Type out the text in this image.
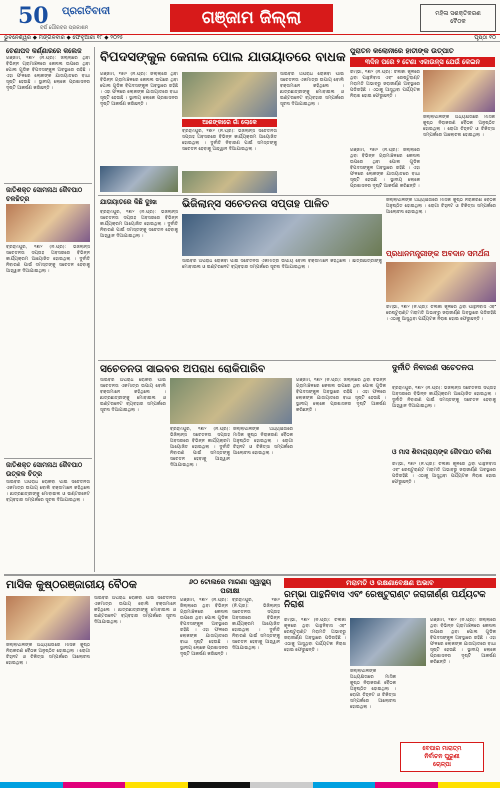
50	ପ୍ରଗତିବାଦୀ
ବର୍ଷ ଗୌରବର ପ୍ରକାଶନ	ଗଞ୍ଜାମ ଜିଲ୍ଲା	ମହିଳା ସଶକ୍ତିକରଣ
ବୈଠକ
ଭୁବନେଶ୍ୱର ◆ ମଙ୍ଗଳବାର ◆ ଫେବୃଆରୀ ୧୮ ◆ ୨୦୨୫	ପୃଷ୍ଠା ୧୦
ଚେଣାପଦ କର୍ଣ୍ଣାରରେ କଲେଜ
ଗଞ୍ଜାମ, ୧୭ା୨ (ନି.ପ୍ର): ଜିଲ୍ଲାରେ ଥିବା ବିଭିନ୍ନ ଗ୍ରାମାଞ୍ଚଳରେ କେନାଲ ଉପରେ ଥିବା ପୋଲ ଗୁଡିକ ବିପଦସଙ୍କୁଳ ଅବସ୍ଥାରେ ରହିଛି । ଏହା ଫଳରେ ଲୋକଙ୍କ ଯାତାୟାତରେ ବାଧା ସୃଷ୍ଟି ହେଉଛି । ସ୍ଥାନୀୟ ଲୋକେ ପ୍ରଶାସନର ଦୃଷ୍ଟି ଆକର୍ଷଣ କରିଛନ୍ତି ।
ଜାତିଶକ୍ତ ସୋମନାଥ ଜୈବପାଠ ଚଳଚ୍ଚିତ୍ର
ବ୍ରହ୍ମପୁର, ୧୭ା୨ (ନି.ପ୍ର): ଭିଜିଲାନ୍ସ ସଚେତନତା ସପ୍ତାହ ଅବସରରେ ବିଭିନ୍ନ କାର୍ଯ୍ୟକ୍ରମ ଆୟୋଜିତ ହୋଇଥିଲା । ଦୁର୍ନୀତି ନିବାରଣ ପାଇଁ ସମସ୍ତଙ୍କୁ ସଚେତନ ହେବାକୁ ଆହ୍ୱାନ ଦିଆଯାଇଥିଲା ।
ଜାତିଶକ୍ତ ସୋମନାଥ ଜୈବପାଠ ଉତ୍କଳ ଚିତ୍ର
ସାଇବର ଅପରାଧ ରୋକିବା ପାଇଁ ସଚେତନତା ଏକମାତ୍ର ଉପାୟ ବୋଲି ବକ୍ତାମାନେ କହିଥିଲେ । ଛାତ୍ରଛାତ୍ରୀଙ୍କୁ ମୋବାଇଲ ଓ ଇଣ୍ଟରନେଟ ବ୍ୟବହାର ସମ୍ପର୍କରେ ସୂଚନା ଦିଆଯାଇଥିଲା ।
ବିପଦସଙ୍କୁଳ କେନାଲ ପୋଲ ଯାତାୟାତରେ ବାଧକ
ଗଞ୍ଜାମ, ୧୭ା୨ (ନି.ପ୍ର): ଜିଲ୍ଲାରେ ଥିବା ବିଭିନ୍ନ ଗ୍ରାମାଞ୍ଚଳରେ କେନାଲ ଉପରେ ଥିବା ପୋଲ ଗୁଡିକ ବିପଦସଙ୍କୁଳ ଅବସ୍ଥାରେ ରହିଛି । ଏହା ଫଳରେ ଲୋକଙ୍କ ଯାତାୟାତରେ ବାଧା ସୃଷ୍ଟି ହେଉଛି । ସ୍ଥାନୀୟ ଲୋକେ ପ୍ରଶାସନର ଦୃଷ୍ଟି ଆକର୍ଷଣ କରିଛନ୍ତି ।
ଆଶଙ୍କାରେ ଗାଁ ଲୋକେ
ବ୍ରହ୍ମପୁର, ୧୭ା୨ (ନି.ପ୍ର): ଭିଜିଲାନ୍ସ ସଚେତନତା ସପ୍ତାହ ଅବସରରେ ବିଭିନ୍ନ କାର୍ଯ୍ୟକ୍ରମ ଆୟୋଜିତ ହୋଇଥିଲା । ଦୁର୍ନୀତି ନିବାରଣ ପାଇଁ ସମସ୍ତଙ୍କୁ ସଚେତନ ହେବାକୁ ଆହ୍ୱାନ ଦିଆଯାଇଥିଲା ।
ସାଇବର ଅପରାଧ ରୋକିବା ପାଇଁ ସଚେତନତା ଏକମାତ୍ର ଉପାୟ ବୋଲି ବକ୍ତାମାନେ କହିଥିଲେ । ଛାତ୍ରଛାତ୍ରୀଙ୍କୁ ମୋବାଇଲ ଓ ଇଣ୍ଟରନେଟ ବ୍ୟବହାର ସମ୍ପର୍କରେ ସୂଚନା ଦିଆଯାଇଥିଲା ।
ପୁରାତନ କଲୋନୀରେ ହାତୀଙ୍କ ଉତ୍ପାତ
୩ଦିନ ପରେ ୨ ଟେଣା ଏକାଉନ୍ସ ଯେଉଁ କେଇନ
ରମ୍ଭା, ୧୭ା୨ (ନି.ପ୍ର): ଚିଲିକା କୂଳରେ ଥିବା ପାନ୍ଥନିବାସ ଏବଂ ରେଷ୍ଟୁରାଣ୍ଟ ମରାମତି ଅଭାବରୁ ଜରାଜୀର୍ଣ୍ଣ ଅବସ୍ଥାରେ ପଡିରହିଛି । ଏଠାକୁ ଆସୁଥିବା ପର୍ଯ୍ୟଟକ ନିରାଶ ହୋଇ ଫେରୁଛନ୍ତି ।
ଜିଲ୍ଲାପାଳଙ୍କ ଅଧ୍ୟକ୍ଷତାରେ ମାସିକ କୁଷ୍ଠ ନିରାକରଣ ବୈଠକ ଅନୁଷ୍ଠିତ ହୋଇଥିଲା । ରୋଗୀ ଚିହ୍ନଟ ଓ ଚିକିତ୍ସା ସମ୍ପର୍କରେ ଆଲୋଚନା ହୋଇଥିଲା ।
ଗଞ୍ଜାମ, ୧୭ା୨ (ନି.ପ୍ର): ଜିଲ୍ଲାରେ ଥିବା ବିଭିନ୍ନ ଗ୍ରାମାଞ୍ଚଳରେ କେନାଲ ଉପରେ ଥିବା ପୋଲ ଗୁଡିକ ବିପଦସଙ୍କୁଳ ଅବସ୍ଥାରେ ରହିଛି । ଏହା ଫଳରେ ଲୋକଙ୍କ ଯାତାୟାତରେ ବାଧା ସୃଷ୍ଟି ହେଉଛି । ସ୍ଥାନୀୟ ଲୋକେ ପ୍ରଶାସନର ଦୃଷ୍ଟି ଆକର୍ଷଣ କରିଛନ୍ତି ।
ଯାତାୟାତରେ କିଛି ଦୁଃଖ
ବ୍ରହ୍ମପୁର, ୧୭ା୨ (ନି.ପ୍ର): ଭିଜିଲାନ୍ସ ସଚେତନତା ସପ୍ତାହ ଅବସରରେ ବିଭିନ୍ନ କାର୍ଯ୍ୟକ୍ରମ ଆୟୋଜିତ ହୋଇଥିଲା । ଦୁର୍ନୀତି ନିବାରଣ ପାଇଁ ସମସ୍ତଙ୍କୁ ସଚେତନ ହେବାକୁ ଆହ୍ୱାନ ଦିଆଯାଇଥିଲା ।
ଭିଜିଲାନ୍ସ ସଚେତନତା ସପ୍ତାହ ପାଳିତ
ସାଇବର ଅପରାଧ ରୋକିବା ପାଇଁ ସଚେତନତା ଏକମାତ୍ର ଉପାୟ ବୋଲି ବକ୍ତାମାନେ କହିଥିଲେ । ଛାତ୍ରଛାତ୍ରୀଙ୍କୁ ମୋବାଇଲ ଓ ଇଣ୍ଟରନେଟ ବ୍ୟବହାର ସମ୍ପର୍କରେ ସୂଚନା ଦିଆଯାଇଥିଲା ।
ଜିଲ୍ଲାପାଳଙ୍କ ଅଧ୍ୟକ୍ଷତାରେ ମାସିକ କୁଷ୍ଠ ନିରାକରଣ ବୈଠକ ଅନୁଷ୍ଠିତ ହୋଇଥିଲା । ରୋଗୀ ଚିହ୍ନଟ ଓ ଚିକିତ୍ସା ସମ୍ପର୍କରେ ଆଲୋଚନା ହୋଇଥିଲା ।
ପ୍ରଧାନମନ୍ତ୍ରୀଙ୍କ ଅବଦାନ ସମର୍ଥନା
ରମ୍ଭା, ୧୭ା୨ (ନି.ପ୍ର): ଚିଲିକା କୂଳରେ ଥିବା ପାନ୍ଥନିବାସ ଏବଂ ରେଷ୍ଟୁରାଣ୍ଟ ମରାମତି ଅଭାବରୁ ଜରାଜୀର୍ଣ୍ଣ ଅବସ୍ଥାରେ ପଡିରହିଛି । ଏଠାକୁ ଆସୁଥିବା ପର୍ଯ୍ୟଟକ ନିରାଶ ହୋଇ ଫେରୁଛନ୍ତି ।
ସଚେତନତା ସାଇବର ଅପରାଧ ରୋକିପାରିବ
ସାଇବର ଅପରାଧ ରୋକିବା ପାଇଁ ସଚେତନତା ଏକମାତ୍ର ଉପାୟ ବୋଲି ବକ୍ତାମାନେ କହିଥିଲେ । ଛାତ୍ରଛାତ୍ରୀଙ୍କୁ ମୋବାଇଲ ଓ ଇଣ୍ଟରନେଟ ବ୍ୟବହାର ସମ୍ପର୍କରେ ସୂଚନା ଦିଆଯାଇଥିଲା ।
ବ୍ରହ୍ମପୁର, ୧୭ା୨ (ନି.ପ୍ର): ଭିଜିଲାନ୍ସ ସଚେତନତା ସପ୍ତାହ ଅବସରରେ ବିଭିନ୍ନ କାର୍ଯ୍ୟକ୍ରମ ଆୟୋଜିତ ହୋଇଥିଲା । ଦୁର୍ନୀତି ନିବାରଣ ପାଇଁ ସମସ୍ତଙ୍କୁ ସଚେତନ ହେବାକୁ ଆହ୍ୱାନ ଦିଆଯାଇଥିଲା ।
ଜିଲ୍ଲାପାଳଙ୍କ ଅଧ୍ୟକ୍ଷତାରେ ମାସିକ କୁଷ୍ଠ ନିରାକରଣ ବୈଠକ ଅନୁଷ୍ଠିତ ହୋଇଥିଲା । ରୋଗୀ ଚିହ୍ନଟ ଓ ଚିକିତ୍ସା ସମ୍ପର୍କରେ ଆଲୋଚନା ହୋଇଥିଲା ।
ଗଞ୍ଜାମ, ୧୭ା୨ (ନି.ପ୍ର): ଜିଲ୍ଲାରେ ଥିବା ବିଭିନ୍ନ ଗ୍ରାମାଞ୍ଚଳରେ କେନାଲ ଉପରେ ଥିବା ପୋଲ ଗୁଡିକ ବିପଦସଙ୍କୁଳ ଅବସ୍ଥାରେ ରହିଛି । ଏହା ଫଳରେ ଲୋକଙ୍କ ଯାତାୟାତରେ ବାଧା ସୃଷ୍ଟି ହେଉଛି । ସ୍ଥାନୀୟ ଲୋକେ ପ୍ରଶାସନର ଦୃଷ୍ଟି ଆକର୍ଷଣ କରିଛନ୍ତି ।
ଦୁର୍ନୀତି ନିବାରଣ ସଚେତନତା
ବ୍ରହ୍ମପୁର, ୧୭ା୨ (ନି.ପ୍ର): ଭିଜିଲାନ୍ସ ସଚେତନତା ସପ୍ତାହ ଅବସରରେ ବିଭିନ୍ନ କାର୍ଯ୍ୟକ୍ରମ ଆୟୋଜିତ ହୋଇଥିଲା । ଦୁର୍ନୀତି ନିବାରଣ ପାଇଁ ସମସ୍ତଙ୍କୁ ସଚେତନ ହେବାକୁ ଆହ୍ୱାନ ଦିଆଯାଇଥିଲା ।
ଓ ମାସ ଶିବାଗ୍ରାୟଙ୍କ ଜୈବପାଠ କମିଶା
ରମ୍ଭା, ୧୭ା୨ (ନି.ପ୍ର): ଚିଲିକା କୂଳରେ ଥିବା ପାନ୍ଥନିବାସ ଏବଂ ରେଷ୍ଟୁରାଣ୍ଟ ମରାମତି ଅଭାବରୁ ଜରାଜୀର୍ଣ୍ଣ ଅବସ୍ଥାରେ ପଡିରହିଛି । ଏଠାକୁ ଆସୁଥିବା ପର୍ଯ୍ୟଟକ ନିରାଶ ହୋଇ ଫେରୁଛନ୍ତି ।
ମାସିକ କୁଷ୍ଠରଞ୍ଜାରୀୟ ବୈଠକ
ଜିଲ୍ଲାପାଳଙ୍କ ଅଧ୍ୟକ୍ଷତାରେ ମାସିକ କୁଷ୍ଠ ନିରାକରଣ ବୈଠକ ଅନୁଷ୍ଠିତ ହୋଇଥିଲା । ରୋଗୀ ଚିହ୍ନଟ ଓ ଚିକିତ୍ସା ସମ୍ପର୍କରେ ଆଲୋଚନା ହୋଇଥିଲା ।
ସାଇବର ଅପରାଧ ରୋକିବା ପାଇଁ ସଚେତନତା ଏକମାତ୍ର ଉପାୟ ବୋଲି ବକ୍ତାମାନେ କହିଥିଲେ । ଛାତ୍ରଛାତ୍ରୀଙ୍କୁ ମୋବାଇଲ ଓ ଇଣ୍ଟରନେଟ ବ୍ୟବହାର ସମ୍ପର୍କରେ ସୂଚନା ଦିଆଯାଇଥିଲା ।
୬୦ ଟୋଲରେ ମାଗଣା ସ୍ୱାସ୍ଥ୍ୟ ପରୀକ୍ଷା
ଗଞ୍ଜାମ, ୧୭ା୨ (ନି.ପ୍ର): ଜିଲ୍ଲାରେ ଥିବା ବିଭିନ୍ନ ଗ୍ରାମାଞ୍ଚଳରେ କେନାଲ ଉପରେ ଥିବା ପୋଲ ଗୁଡିକ ବିପଦସଙ୍କୁଳ ଅବସ୍ଥାରେ ରହିଛି । ଏହା ଫଳରେ ଲୋକଙ୍କ ଯାତାୟାତରେ ବାଧା ସୃଷ୍ଟି ହେଉଛି । ସ୍ଥାନୀୟ ଲୋକେ ପ୍ରଶାସନର ଦୃଷ୍ଟି ଆକର୍ଷଣ କରିଛନ୍ତି ।
ବ୍ରହ୍ମପୁର, ୧୭ା୨ (ନି.ପ୍ର): ଭିଜିଲାନ୍ସ ସଚେତନତା ସପ୍ତାହ ଅବସରରେ ବିଭିନ୍ନ କାର୍ଯ୍ୟକ୍ରମ ଆୟୋଜିତ ହୋଇଥିଲା । ଦୁର୍ନୀତି ନିବାରଣ ପାଇଁ ସମସ୍ତଙ୍କୁ ସଚେତନ ହେବାକୁ ଆହ୍ୱାନ ଦିଆଯାଇଥିଲା ।
ମରାମତି ଓ ରକ୍ଷଣାବେକ୍ଷଣ ଅଭାବ
ରମ୍ଭା ପାନ୍ଥନିବାସ ଏବଂ ରେଷ୍ଟୁରାଣ୍ଟ ଜରାଜୀର୍ଣ୍ଣ ପର୍ଯ୍ୟଟକ ନିରାଶ
ରମ୍ଭା, ୧୭ା୨ (ନି.ପ୍ର): ଚିଲିକା କୂଳରେ ଥିବା ପାନ୍ଥନିବାସ ଏବଂ ରେଷ୍ଟୁରାଣ୍ଟ ମରାମତି ଅଭାବରୁ ଜରାଜୀର୍ଣ୍ଣ ଅବସ୍ଥାରେ ପଡିରହିଛି । ଏଠାକୁ ଆସୁଥିବା ପର୍ଯ୍ୟଟକ ନିରାଶ ହୋଇ ଫେରୁଛନ୍ତି ।
ଜିଲ୍ଲାପାଳଙ୍କ ଅଧ୍ୟକ୍ଷତାରେ ମାସିକ କୁଷ୍ଠ ନିରାକରଣ ବୈଠକ ଅନୁଷ୍ଠିତ ହୋଇଥିଲା । ରୋଗୀ ଚିହ୍ନଟ ଓ ଚିକିତ୍ସା ସମ୍ପର୍କରେ ଆଲୋଚନା ହୋଇଥିଲା ।
ଗଞ୍ଜାମ, ୧୭ା୨ (ନି.ପ୍ର): ଜିଲ୍ଲାରେ ଥିବା ବିଭିନ୍ନ ଗ୍ରାମାଞ୍ଚଳରେ କେନାଲ ଉପରେ ଥିବା ପୋଲ ଗୁଡିକ ବିପଦସଙ୍କୁଳ ଅବସ୍ଥାରେ ରହିଛି । ଏହା ଫଳରେ ଲୋକଙ୍କ ଯାତାୟାତରେ ବାଧା ସୃଷ୍ଟି ହେଉଛି । ସ୍ଥାନୀୟ ଲୋକେ ପ୍ରଶାସନର ଦୃଷ୍ଟି ଆକର୍ଷଣ କରିଛନ୍ତି ।
ବେପାର ମାରାତ୍ମ
ନିର୍ବାଚନ ଘୁରୁଣୀ
ଚୋଳ୍ପା
